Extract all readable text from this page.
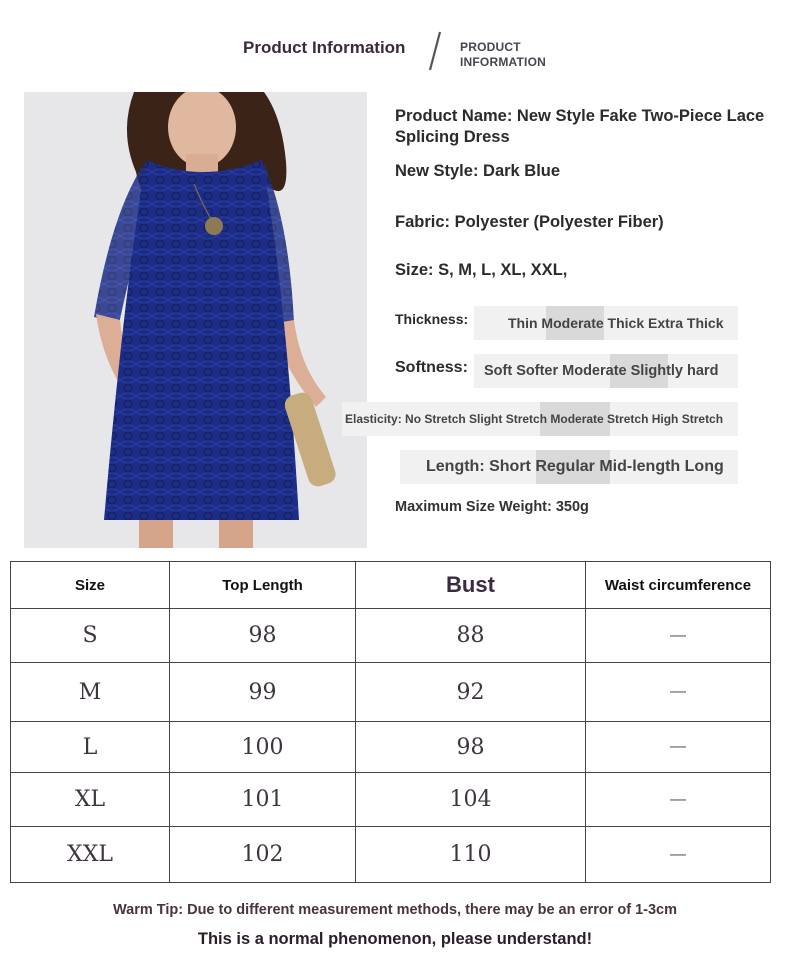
Product Information	PRODUCT
INFORMATION
Product Name: New Style Fake Two-Piece Lace Splicing Dress
New Style: Dark Blue
Fabric: Polyester (Polyester Fiber)
Size: S, M, L, XL, XXL,
Thickness:	Thin Moderate Thick Extra Thick
Softness: Soft Softer Moderate Slightly hard
Elasticity: No Stretch Slight Stretch Moderate Stretch High Stretch
Length: Short Regular Mid-length Long
Maximum Size Weight: 350g
Size	Top Length	Bust	Waist circumference
S	98	88	—
M	99	92	—
L	100	98	—
XL	101	104	—
XXL	102	110	—
Warm Tip: Due to different measurement methods, there may be an error of 1-3cm
This is a normal phenomenon, please understand!
